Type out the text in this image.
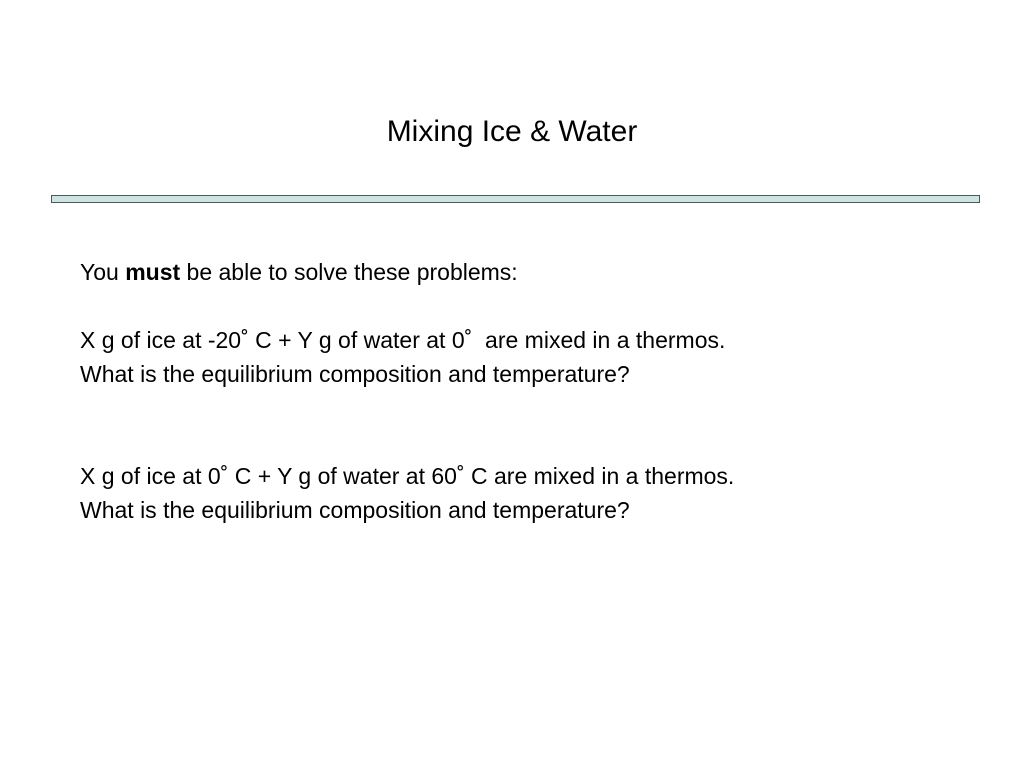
Mixing Ice & Water
You must be able to solve these problems:
X g of ice at -20˚ C + Y g of water at 0˚  are mixed in a thermos.
What is the equilibrium composition and temperature?
X g of ice at 0˚ C + Y g of water at 60˚ C are mixed in a thermos.
What is the equilibrium composition and temperature?
